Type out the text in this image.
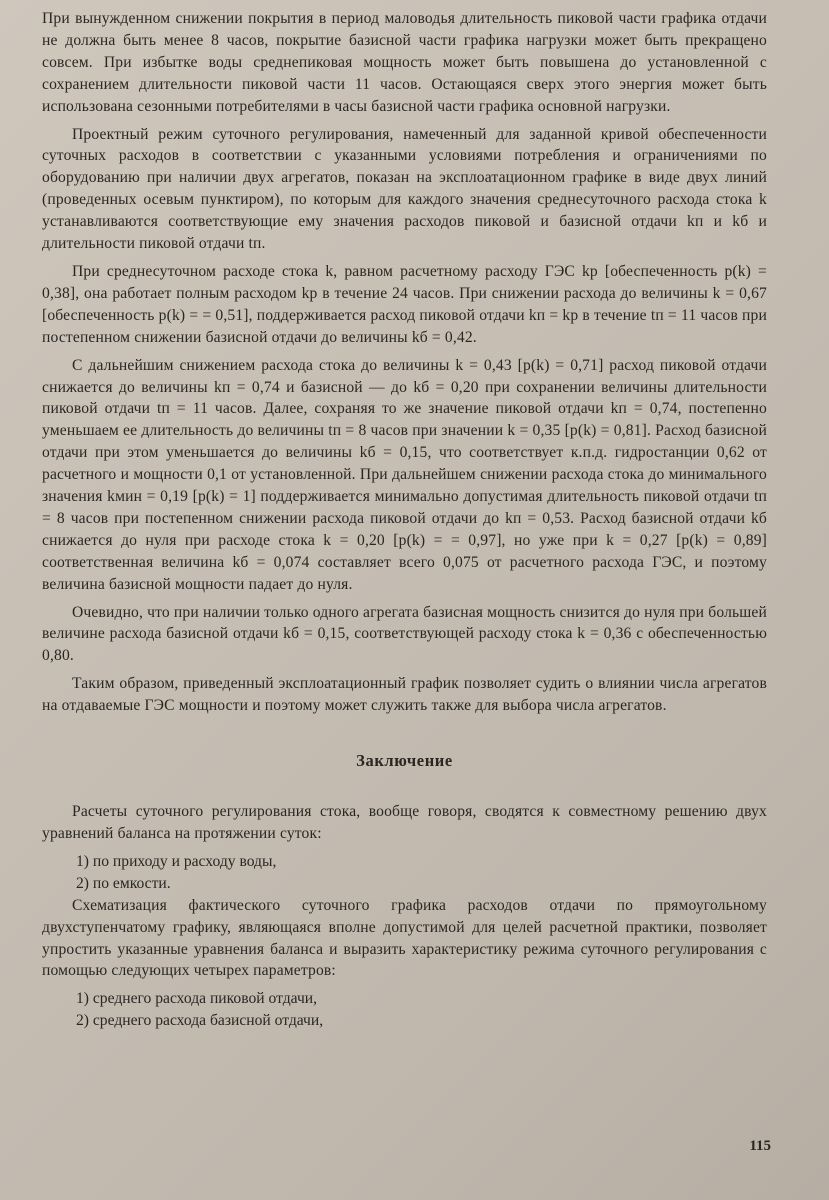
При вынужденном снижении покрытия в период маловодья длительность пиковой части графика отдачи не должна быть менее 8 часов, покрытие базисной части графика нагрузки может быть прекращено совсем. При избытке воды среднепиковая мощность может быть повышена до установленной с сохранением длительности пиковой части 11 часов. Остающаяся сверх этого энергия может быть использована сезонными потребителями в часы базисной части графика основной нагрузки.

Проектный режим суточного регулирования, намеченный для заданной кривой обеспеченности суточных расходов в соответствии с указанными условиями потребления и ограничениями по оборудованию при наличии двух агрегатов, показан на эксплоатационном графике в виде двух линий (проведенных осевым пунктиром), по которым для каждого значения среднесуточного расхода стока k устанавливаются соответствующие ему значения расходов пиковой и базисной отдачи kп и kб и длительности пиковой отдачи tп.

При среднесуточном расходе стока k, равном расчетному расходу ГЭС kр [обеспеченность p(k) = 0,38], она работает полным расходом kр в течение 24 часов. При снижении расхода до величины k = 0,67 [обеспеченность p(k) = = 0,51], поддерживается расход пиковой отдачи kп = kр в течение tп = 11 часов при постепенном снижении базисной отдачи до величины kб = 0,42.

С дальнейшим снижением расхода стока до величины k = 0,43 [p(k) = 0,71] расход пиковой отдачи снижается до величины kп = 0,74 и базисной — до kб = 0,20 при сохранении величины длительности пиковой отдачи tп = 11 часов. Далее, сохраняя то же значение пиковой отдачи kп = 0,74, постепенно уменьшаем ее длительность до величины tп = 8 часов при значении k = 0,35 [p(k) = 0,81]. Расход базисной отдачи при этом уменьшается до величины kб = 0,15, что соответствует к.п.д. гидростанции 0,62 от расчетного и мощности 0,1 от установленной. При дальнейшем снижении расхода стока до минимального значения kмин = 0,19 [p(k) = 1] поддерживается минимально допустимая длительность пиковой отдачи tп = 8 часов при постепенном снижении расхода пиковой отдачи до kп = 0,53. Расход базисной отдачи kб снижается до нуля при расходе стока k = 0,20 [p(k) = = 0,97], но уже при k = 0,27 [p(k) = 0,89] соответственная величина kб = 0,074 составляет всего 0,075 от расчетного расхода ГЭС, и поэтому величина базисной мощности падает до нуля.

Очевидно, что при наличии только одного агрегата базисная мощность снизится до нуля при большей величине расхода базисной отдачи kб = 0,15, соответствующей расходу стока k = 0,36 с обеспеченностью 0,80.

Таким образом, приведенный эксплоатационный график позволяет судить о влиянии числа агрегатов на отдаваемые ГЭС мощности и поэтому может служить также для выбора числа агрегатов.

Заключение

Расчеты суточного регулирования стока, вообще говоря, сводятся к совместному решению двух уравнений баланса на протяжении суток:

1) по приходу и расходу воды,

2) по емкости.

Схематизация фактического суточного графика расходов отдачи по прямоугольному двухступенчатому графику, являющаяся вполне допустимой для целей расчетной практики, позволяет упростить указанные уравнения баланса и выразить характеристику режима суточного регулирования с помощью следующих четырех параметров:

1) среднего расхода пиковой отдачи,

2) среднего расхода базисной отдачи,

115
